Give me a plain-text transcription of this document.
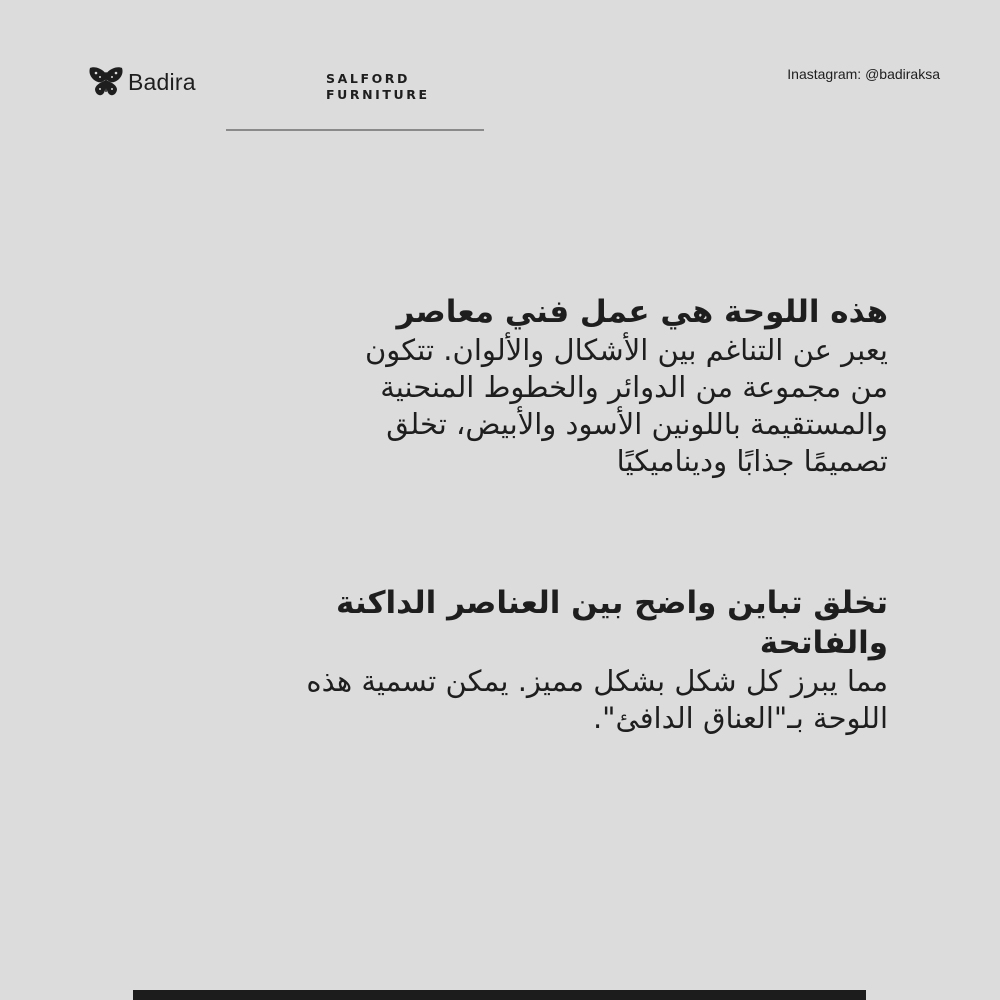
Badira	SALFORD
FURNITURE
Inastagram: @badiraksa

هذه اللوحة هي عمل فني معاصر

يعبر عن التناغم بين الأشكال والألوان. تتكون

من مجموعة من الدوائر والخطوط المنحنية

والمستقيمة باللونين الأسود والأبيض، تخلق

تصميمًا جذابًا وديناميكيًا

تخلق تباين واضح بين العناصر الداكنة والفاتحة

مما يبرز كل شكل بشكل مميز. يمكن تسمية هذه

اللوحة بـ"العناق الدافئ".
